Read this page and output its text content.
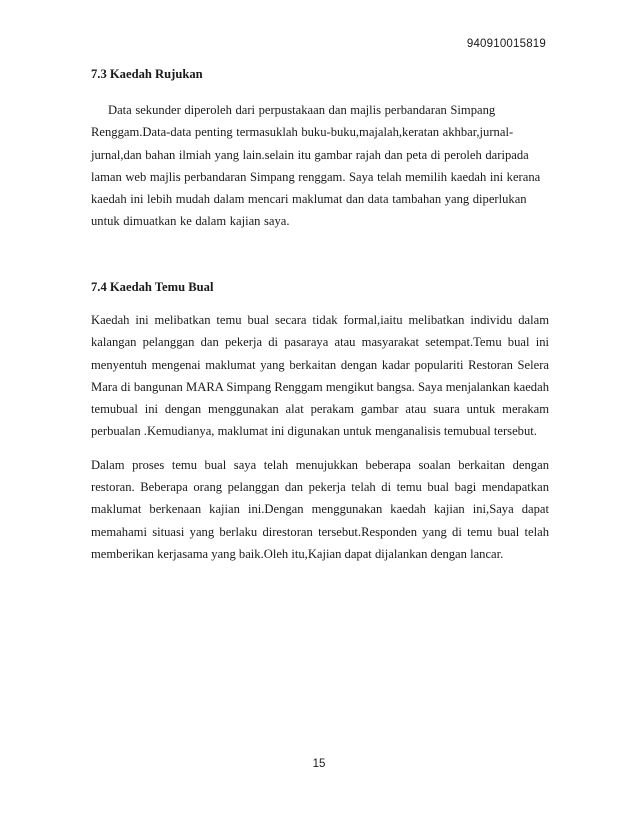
940910015819
7.3 Kaedah Rujukan

Data sekunder diperoleh dari perpustakaan dan majlis perbandaran Simpang Renggam.Data-data penting termasuklah buku-buku,majalah,keratan akhbar,jurnal-jurnal,dan bahan ilmiah yang lain.selain itu gambar rajah dan peta di peroleh daripada laman web majlis perbandaran Simpang renggam. Saya telah memilih kaedah ini kerana kaedah ini lebih mudah dalam mencari maklumat dan data tambahan yang diperlukan untuk dimuatkan ke dalam kajian saya.

7.4 Kaedah Temu Bual

Kaedah ini melibatkan temu bual secara tidak formal,iaitu melibatkan individu dalam kalangan pelanggan dan pekerja di pasaraya atau masyarakat setempat.Temu bual ini menyentuh mengenai maklumat yang berkaitan dengan kadar populariti Restoran Selera Mara di bangunan MARA Simpang Renggam mengikut bangsa. Saya menjalankan kaedah temubual ini dengan menggunakan alat perakam gambar atau suara untuk merakam perbualan .Kemudianya, maklumat ini digunakan untuk menganalisis temubual tersebut.

Dalam proses temu bual saya telah menujukkan beberapa soalan berkaitan dengan restoran. Beberapa orang pelanggan dan pekerja telah di temu bual bagi mendapatkan maklumat berkenaan kajian ini.Dengan menggunakan kaedah kajian ini,Saya dapat memahami situasi yang berlaku direstoran tersebut.Responden yang di temu bual telah memberikan kerjasama yang baik.Oleh itu,Kajian dapat dijalankan dengan lancar.

15
